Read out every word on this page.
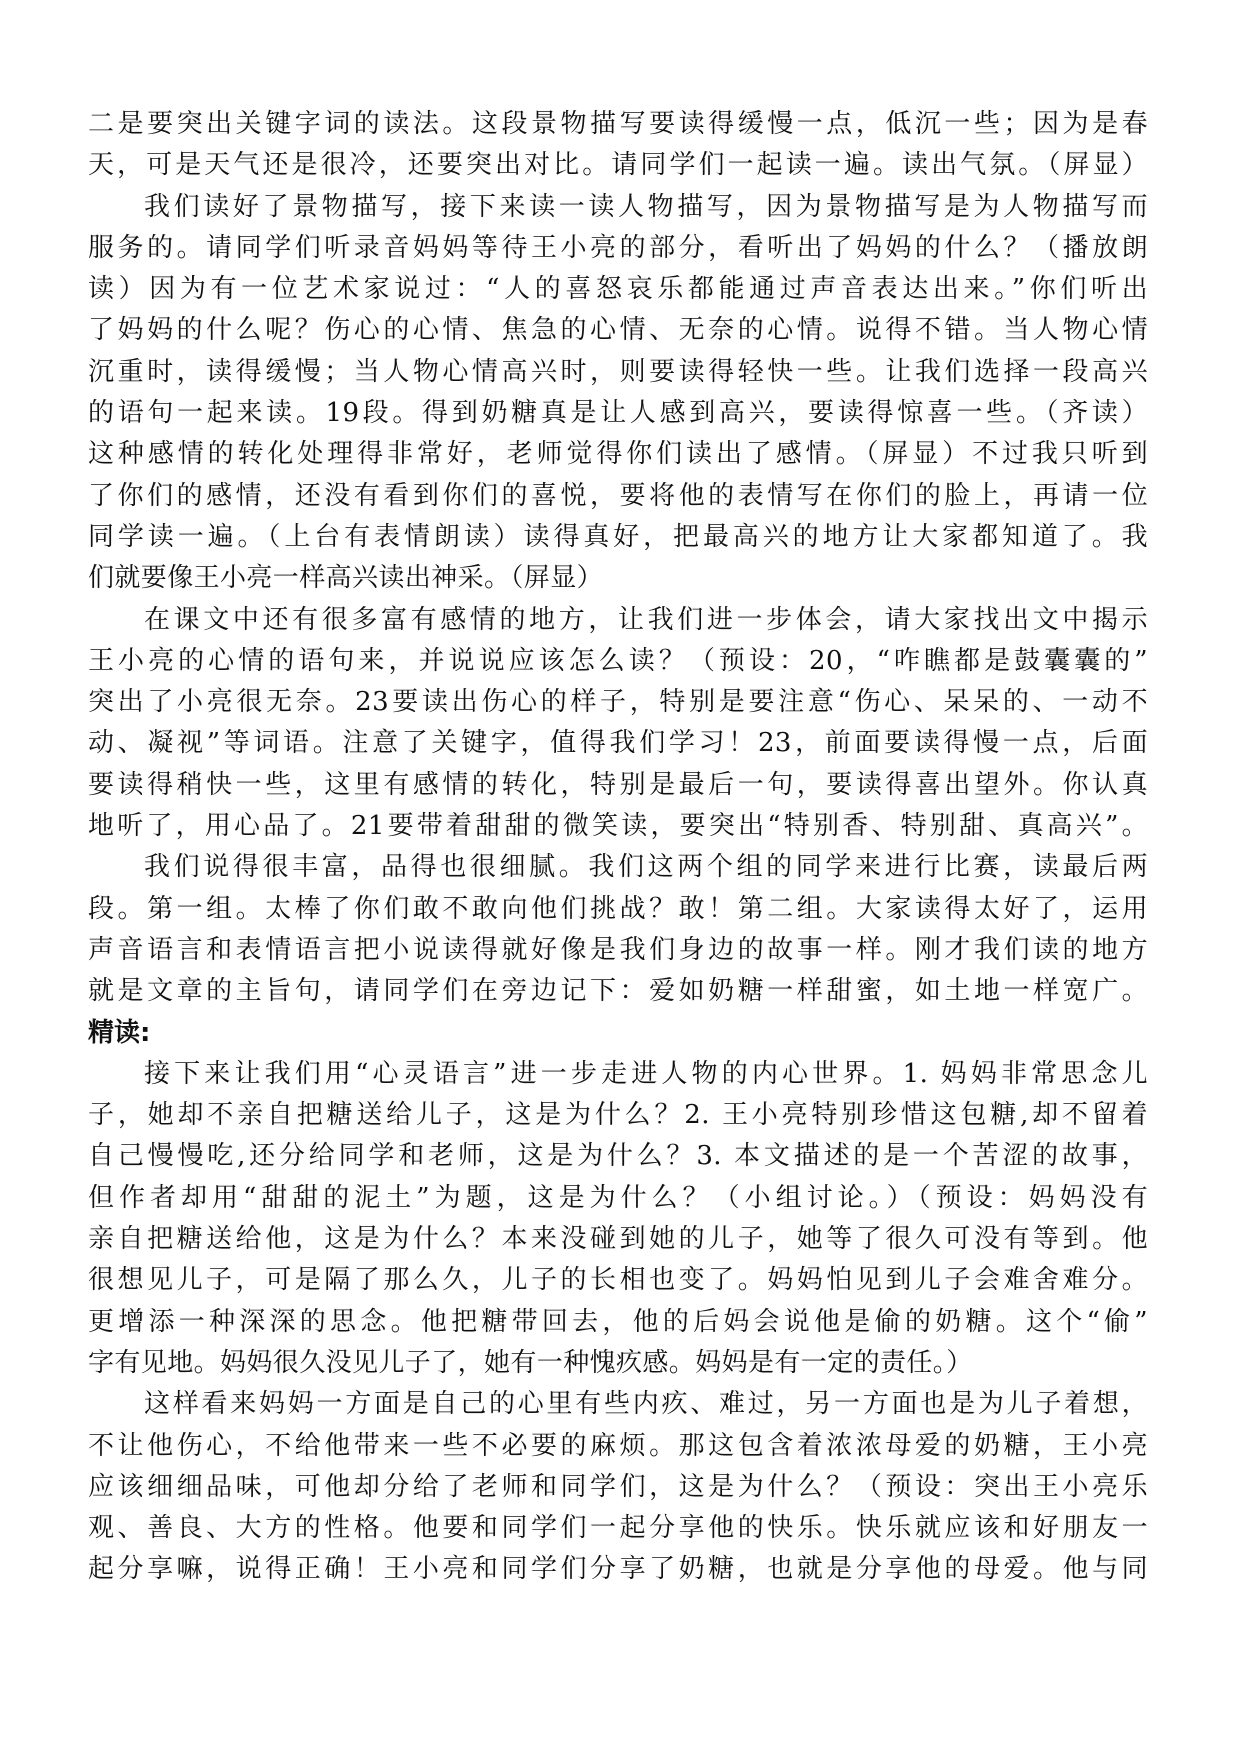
二是要突出关键字词的读法。这段景物描写要读得缓慢一点，低沉一些；因为是春
天，可是天气还是很冷，还要突出对比。请同学们一起读一遍。读出气氛。（屏显）
我们读好了景物描写，接下来读一读人物描写，因为景物描写是为人物描写而
服务的。请同学们听录音妈妈等待王小亮的部分，看听出了妈妈的什么？（播放朗
读）因为有一位艺术家说过：“人的喜怒哀乐都能通过声音表达出来。”你们听出
了妈妈的什么呢？伤心的心情、焦急的心情、无奈的心情。说得不错。当人物心情
沉重时，读得缓慢；当人物心情高兴时，则要读得轻快一些。让我们选择一段高兴
的语句一起来读。19段。得到奶糖真是让人感到高兴，要读得惊喜一些。（齐读）
这种感情的转化处理得非常好，老师觉得你们读出了感情。（屏显）不过我只听到
了你们的感情，还没有看到你们的喜悦，要将他的表情写在你们的脸上，再请一位
同学读一遍。（上台有表情朗读）读得真好，把最高兴的地方让大家都知道了。我
们就要像王小亮一样高兴读出神采。（屏显）
在课文中还有很多富有感情的地方，让我们进一步体会，请大家找出文中揭示
王小亮的心情的语句来，并说说应该怎么读？（预设：20，“咋瞧都是鼓囊囊的”
突出了小亮很无奈。23要读出伤心的样子，特别是要注意“伤心、呆呆的、一动不
动、凝视”等词语。注意了关键字，值得我们学习！23，前面要读得慢一点，后面
要读得稍快一些，这里有感情的转化，特别是最后一句，要读得喜出望外。你认真
地听了，用心品了。21要带着甜甜的微笑读，要突出“特别香、特别甜、真高兴”。
我们说得很丰富，品得也很细腻。我们这两个组的同学来进行比赛，读最后两
段。第一组。太棒了你们敢不敢向他们挑战？敢！第二组。大家读得太好了，运用
声音语言和表情语言把小说读得就好像是我们身边的故事一样。刚才我们读的地方
就是文章的主旨句，请同学们在旁边记下：爱如奶糖一样甜蜜，如土地一样宽广。
精读:
接下来让我们用“心灵语言”进一步走进人物的内心世界。1. 妈妈非常思念儿
子，她却不亲自把糖送给儿子，这是为什么？2. 王小亮特别珍惜这包糖,却不留着
自己慢慢吃,还分给同学和老师，这是为什么？3. 本文描述的是一个苦涩的故事，
但作者却用“甜甜的泥土”为题，这是为什么？（小组讨论。）（预设：妈妈没有
亲自把糖送给他，这是为什么？本来没碰到她的儿子，她等了很久可没有等到。他
很想见儿子，可是隔了那么久，儿子的长相也变了。妈妈怕见到儿子会难舍难分。
更增添一种深深的思念。他把糖带回去，他的后妈会说他是偷的奶糖。这个“偷”
字有见地。妈妈很久没见儿子了，她有一种愧疚感。妈妈是有一定的责任。）
这样看来妈妈一方面是自己的心里有些内疚、难过，另一方面也是为儿子着想，
不让他伤心，不给他带来一些不必要的麻烦。那这包含着浓浓母爱的奶糖，王小亮
应该细细品味，可他却分给了老师和同学们，这是为什么？（预设：突出王小亮乐
观、善良、大方的性格。他要和同学们一起分享他的快乐。快乐就应该和好朋友一
起分享嘛，说得正确！王小亮和同学们分享了奶糖，也就是分享他的母爱。他与同
